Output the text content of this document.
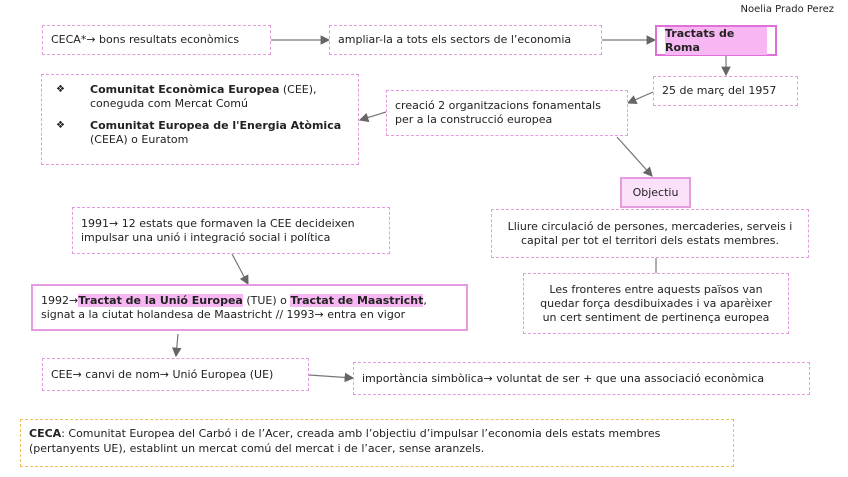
Noelia Prado Perez
CECA*→ bons resultats econòmics	ampliar-la a tots els sectors de l’economia	Tractats de Roma
25 de març del 1957
creació 2 organitzacions fonamentals per a la construcció europea
❖ Comunitat Econòmica Europea (CEE),
coneguda com Mercat Comú
❖ Comunitat Europea de l'Energia Atòmica (CEEA) o Euratom
Objectiu
Lliure circulació de persones, mercaderies, serveis i capital per tot el territori dels estats membres.
Les fronteres entre aquests països van quedar força desdibuixades i va aparèixer un cert sentiment de pertinença europea
1991→ 12 estats que formaven la CEE decideixen impulsar una unió i integració social i política
1992→Tractat de la Unió Europea (TUE) o Tractat de Maastricht,
signat a la ciutat holandesa de Maastricht // 1993→ entra en vigor
CEE→ canvi de nom→ Unió Europea (UE)	importància simbòlica→ voluntat de ser + que una associació econòmica
CECA: Comunitat Europea del Carbó i de l’Acer, creada amb l’objectiu d’impulsar l’economia dels estats membres (pertanyents UE), establint un mercat comú del mercat i de l’acer, sense aranzels.
